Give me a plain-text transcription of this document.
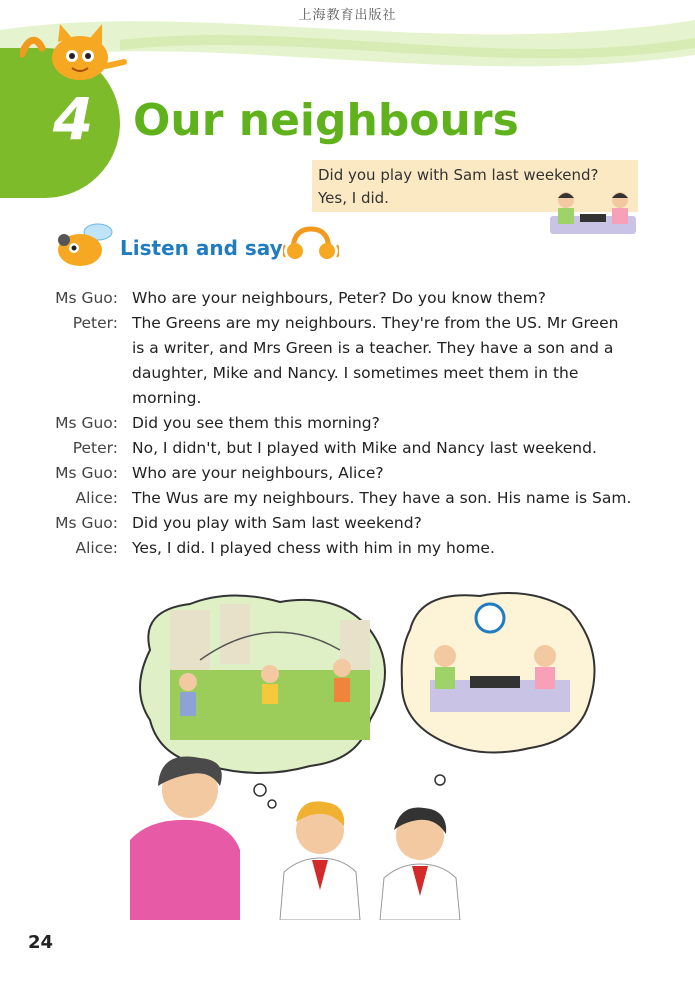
上海教育出版社
4 Our neighbours
Did you play with Sam last weekend?
Yes, I did.
Listen and say
Ms Guo: Who are your neighbours, Peter? Do you know them?
Peter: The Greens are my neighbours. They're from the US. Mr Green is a writer, and Mrs Green is a teacher. They have a son and a daughter, Mike and Nancy. I sometimes meet them in the morning.
Ms Guo: Did you see them this morning?
Peter: No, I didn't, but I played with Mike and Nancy last weekend.
Ms Guo: Who are your neighbours, Alice?
Alice: The Wus are my neighbours. They have a son. His name is Sam.
Ms Guo: Did you play with Sam last weekend?
Alice: Yes, I did. I played chess with him in my home.
24
